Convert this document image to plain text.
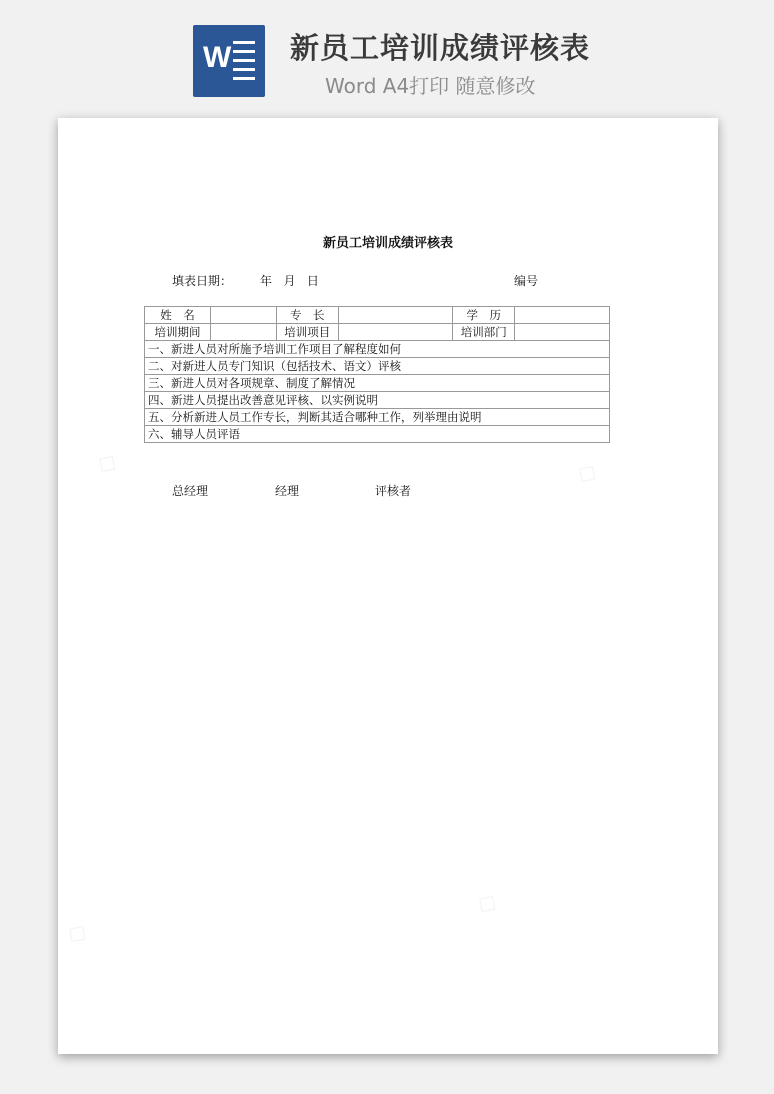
W 新员工培训成绩评核表
Word A4打印 随意修改
新员工培训成绩评核表
填表日期： 年   月   日	编号
姓　名		专　长		学　历	
培训期间		培训项目		培训部门	
一、新进人员对所施予培训工作项目了解程度如何					
二、对新进人员专门知识（包括技术、语文）评核					
三、新进人员对各项规章、制度了解情况					
四、新进人员提出改善意见评核、以实例说明					
五、分析新进人员工作专长，判断其适合哪种工作，列举理由说明					
六、辅导人员评语					
总经理	经理	评核者
